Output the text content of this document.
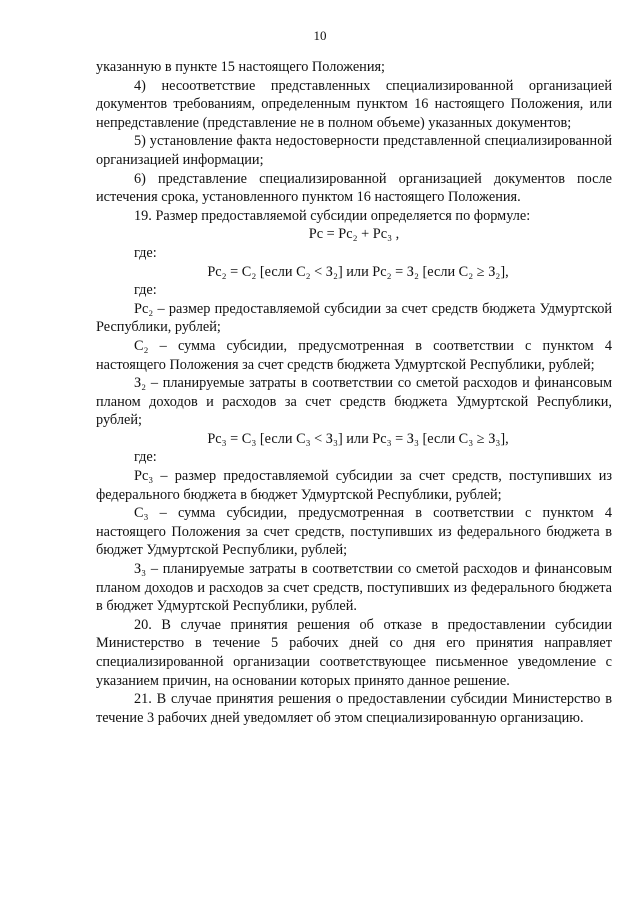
10

указанную в пункте 15 настоящего Положения;

4) несоответствие представленных специализированной организацией документов требованиям, определенным пунктом 16 настоящего Положения, или непредставление (представление не в полном объеме) указанных документов;

5) установление факта недостоверности представленной специализированной организацией информации;

6) представление специализированной организацией документов после истечения срока, установленного пунктом 16 настоящего Положения.

19. Размер предоставляемой субсидии определяется по формуле:

Рс = Рс₂ + Рс₃ ,

где:

Рс₂ = С₂ [если С₂ < З₂] или Рс₂ = З₂ [если С₂ ≥ З₂],

где:

Рс₂ – размер предоставляемой субсидии за счет средств бюджета Удмуртской Республики, рублей;

С₂ – сумма субсидии, предусмотренная в соответствии с пунктом 4 настоящего Положения за счет средств бюджета Удмуртской Республики, рублей;

З₂ – планируемые затраты в соответствии со сметой расходов и финансовым планом доходов и расходов за счет средств бюджета Удмуртской Республики, рублей;

Рс₃ = С₃ [если С₃ < З₃] или Рс₃ = З₃ [если С₃ ≥ З₃],

где:

Рс₃ – размер предоставляемой субсидии за счет средств, поступивших из федерального бюджета в бюджет Удмуртской Республики, рублей;

С₃ – сумма субсидии, предусмотренная в соответствии с пунктом 4 настоящего Положения за счет средств, поступивших из федерального бюджета в бюджет Удмуртской Республики, рублей;

З₃ – планируемые затраты в соответствии со сметой расходов и финансовым планом доходов и расходов за счет средств, поступивших из федерального бюджета в бюджет Удмуртской Республики, рублей.

20. В случае принятия решения об отказе в предоставлении субсидии Министерство в течение 5 рабочих дней со дня его принятия направляет специализированной организации соответствующее письменное уведомление с указанием причин, на основании которых принято данное решение.

21. В случае принятия решения о предоставлении субсидии Министерство в течение 3 рабочих дней уведомляет об этом специализированную организацию.
